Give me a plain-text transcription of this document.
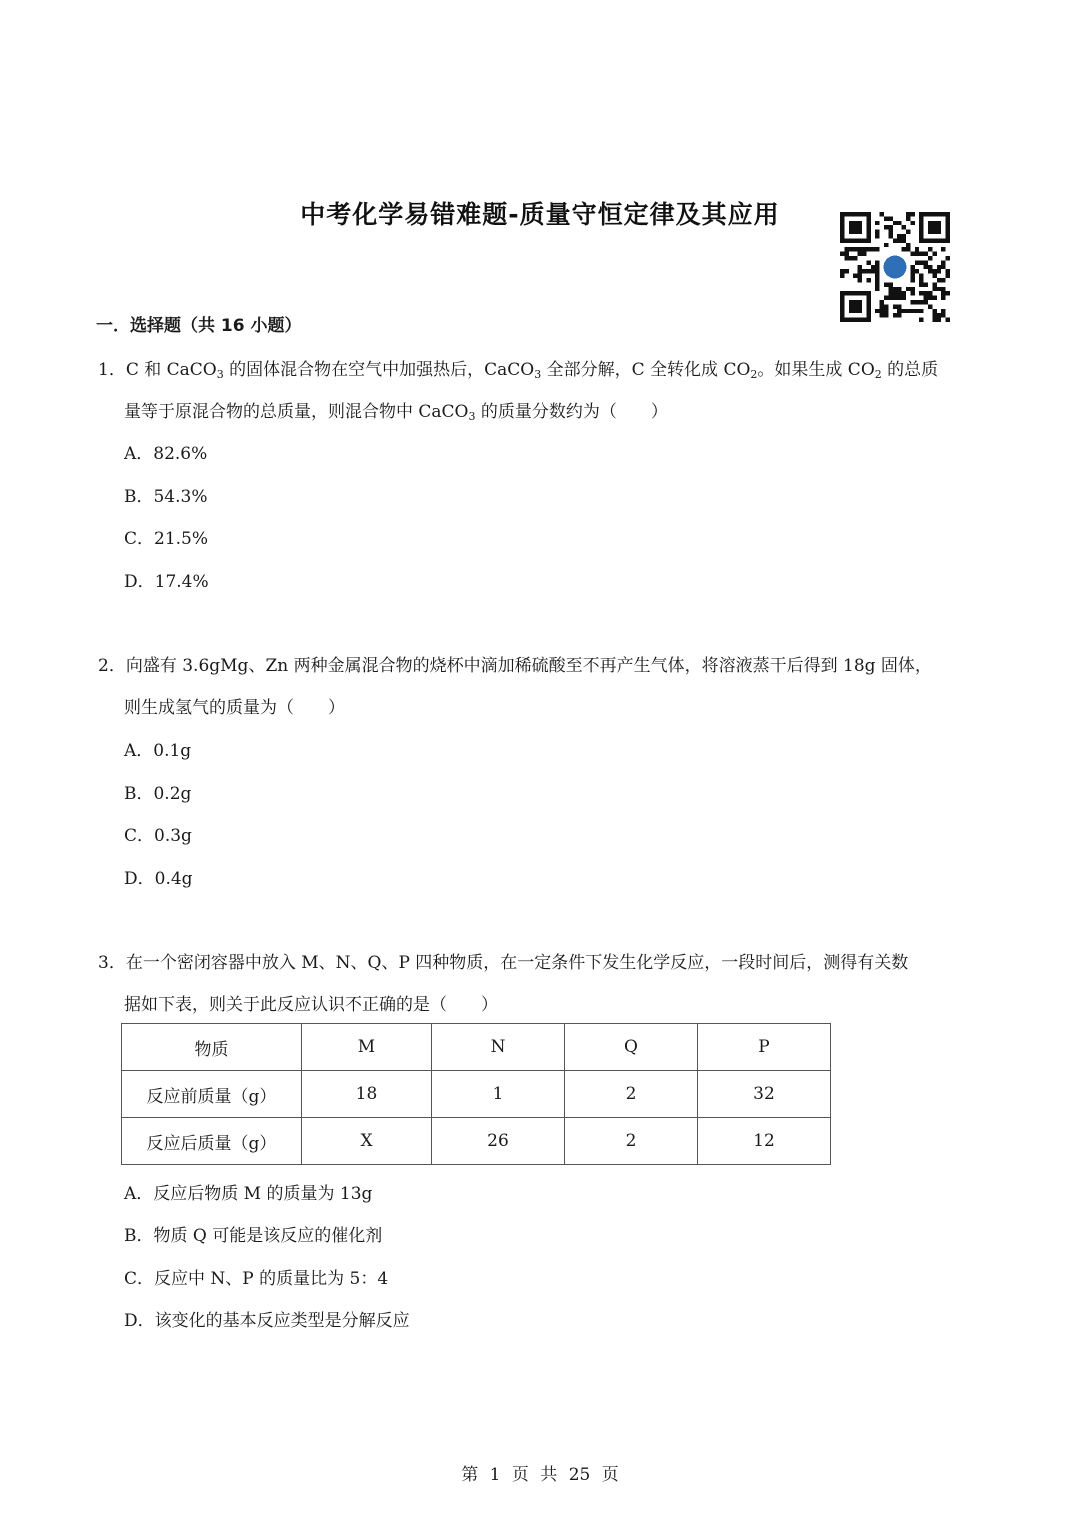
中考化学易错难题-质量守恒定律及其应用
一．选择题（共 16 小题）
1．C 和 CaCO$_3$ 的固体混合物在空气中加强热后，CaCO$_3$ 全部分解，C 全转化成 $CO_2$。如果生成 $CO_2$ 的总质
量等于原混合物的总质量，则混合物中 CaCO$_3$ 的质量分数约为（　　）
A．82.6%
B．54.3%
C．21.5%
D．17.4%
2．向盛有 3.6gMg、Zn 两种金属混合物的烧杯中滴加稀硫酸至不再产生气体，将溶液蒸干后得到 18g 固体，
则生成氢气的质量为（　　）
A．0.1g
B．0.2g
C．0.3g
D．0.4g
3．在一个密闭容器中放入 M、N、Q、P 四种物质，在一定条件下发生化学反应，一段时间后，测得有关数
据如下表，则关于此反应认识不正确的是（　　）
物质	M	N	Q	P
反应前质量（g）	18	1	2	32
反应后质量（g）	X	26	2	12
A．反应后物质 M 的质量为 13g
B．物质 Q 可能是该反应的催化剂
C．反应中 N、P 的质量比为 5：4
D．该变化的基本反应类型是分解反应
第 1 页 共 25 页
